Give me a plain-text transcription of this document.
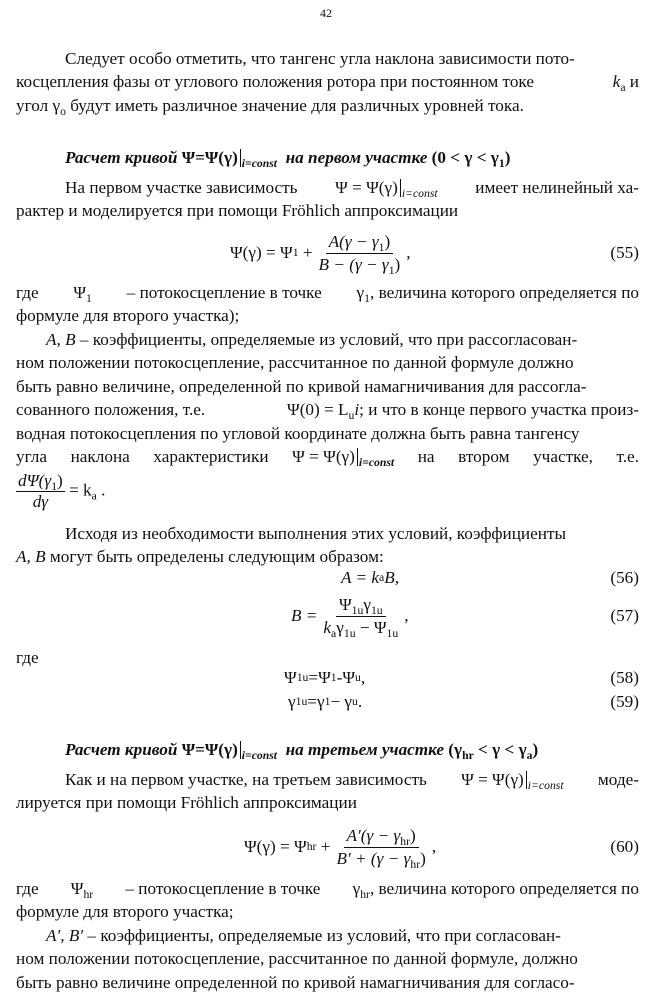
42
Следует особо отметить, что тангенс угла наклона зависимости пото-
косцепления фазы от углового положения ротора при постоянном токе	$k_a$ и
угол $\gamma_o$ будут иметь различное значение для различных уровней тока.
Расчет кривой Ψ=Ψ(γ) $_{i=const}$ на первом участке $(0 < \gamma < \gamma_1)$
На первом участке зависимость Ψ = Ψ(γ) $_{i=const}$ имеет нелинейный ха-
рактер и моделируется при помощи Fröhlich аппроксимации
Ψ(γ) = Ψ 1
+ $\frac{A(\gamma - \gamma_1)}{B - (\gamma - \gamma_1)}$ ,	(55)
где $\Psi_1$ – потокосцепление в точке $\gamma_1$, величина которого определяется по
формуле для второго участка);
A, B – коэффициенты, определяемые из условий, что при рассогласован-
ном положении потокосцепление, рассчитанное по данной формуле должно
быть равно величине, определенной по кривой намагничивания для рассогла-
сованного положения, т.е.	$\Psi(0) = L_ui$; и что в конце первого участка произ-
водная потокосцепления по угловой координате должна быть равна тангенсу
угла наклона характеристики Ψ = Ψ(γ) $_{i=const}$ на втором участке, т.е.
$\frac{d\Psi(\gamma_1)}{d\gamma} = k_a$ .
Исходя из необходимости выполнения этих условий, коэффициенты
A, B могут быть определены следующим образом:
A = k a B,	(56)
$B = \frac{\Psi_{1u}\gamma_{1u}}{k_a\gamma_{1u} - \Psi_{1u}}$ ,	(57)
где
Ψ 1u =Ψ 1 -Ψ u ,	(58)
γ 1u =γ 1 − γ u .	(59)
Расчет кривой Ψ=Ψ(γ) $_{i=const}$ на третьем участке $(\gamma_{hr} < \gamma < \gamma_a)$
Как и на первом участке, на третьем зависимость Ψ = Ψ(γ) $_{i=const}$ моде-
лируется при помощи Fröhlich аппроксимации
Ψ(γ) = Ψ hr
+ $\frac{A'(\gamma - \gamma_{hr})}{B' + (\gamma - \gamma_{hr})}$ ,	(60)
где $\Psi_{hr}$ – потокосцепление в точке $\gamma_{hr}$, величина которого определяется по
формуле для второго участка;
A′, B′ – коэффициенты, определяемые из условий, что при согласован-
ном положении потокосцепление, рассчитанное по данной формуле, должно
быть равно величине определенной по кривой намагничивания для согласо-
